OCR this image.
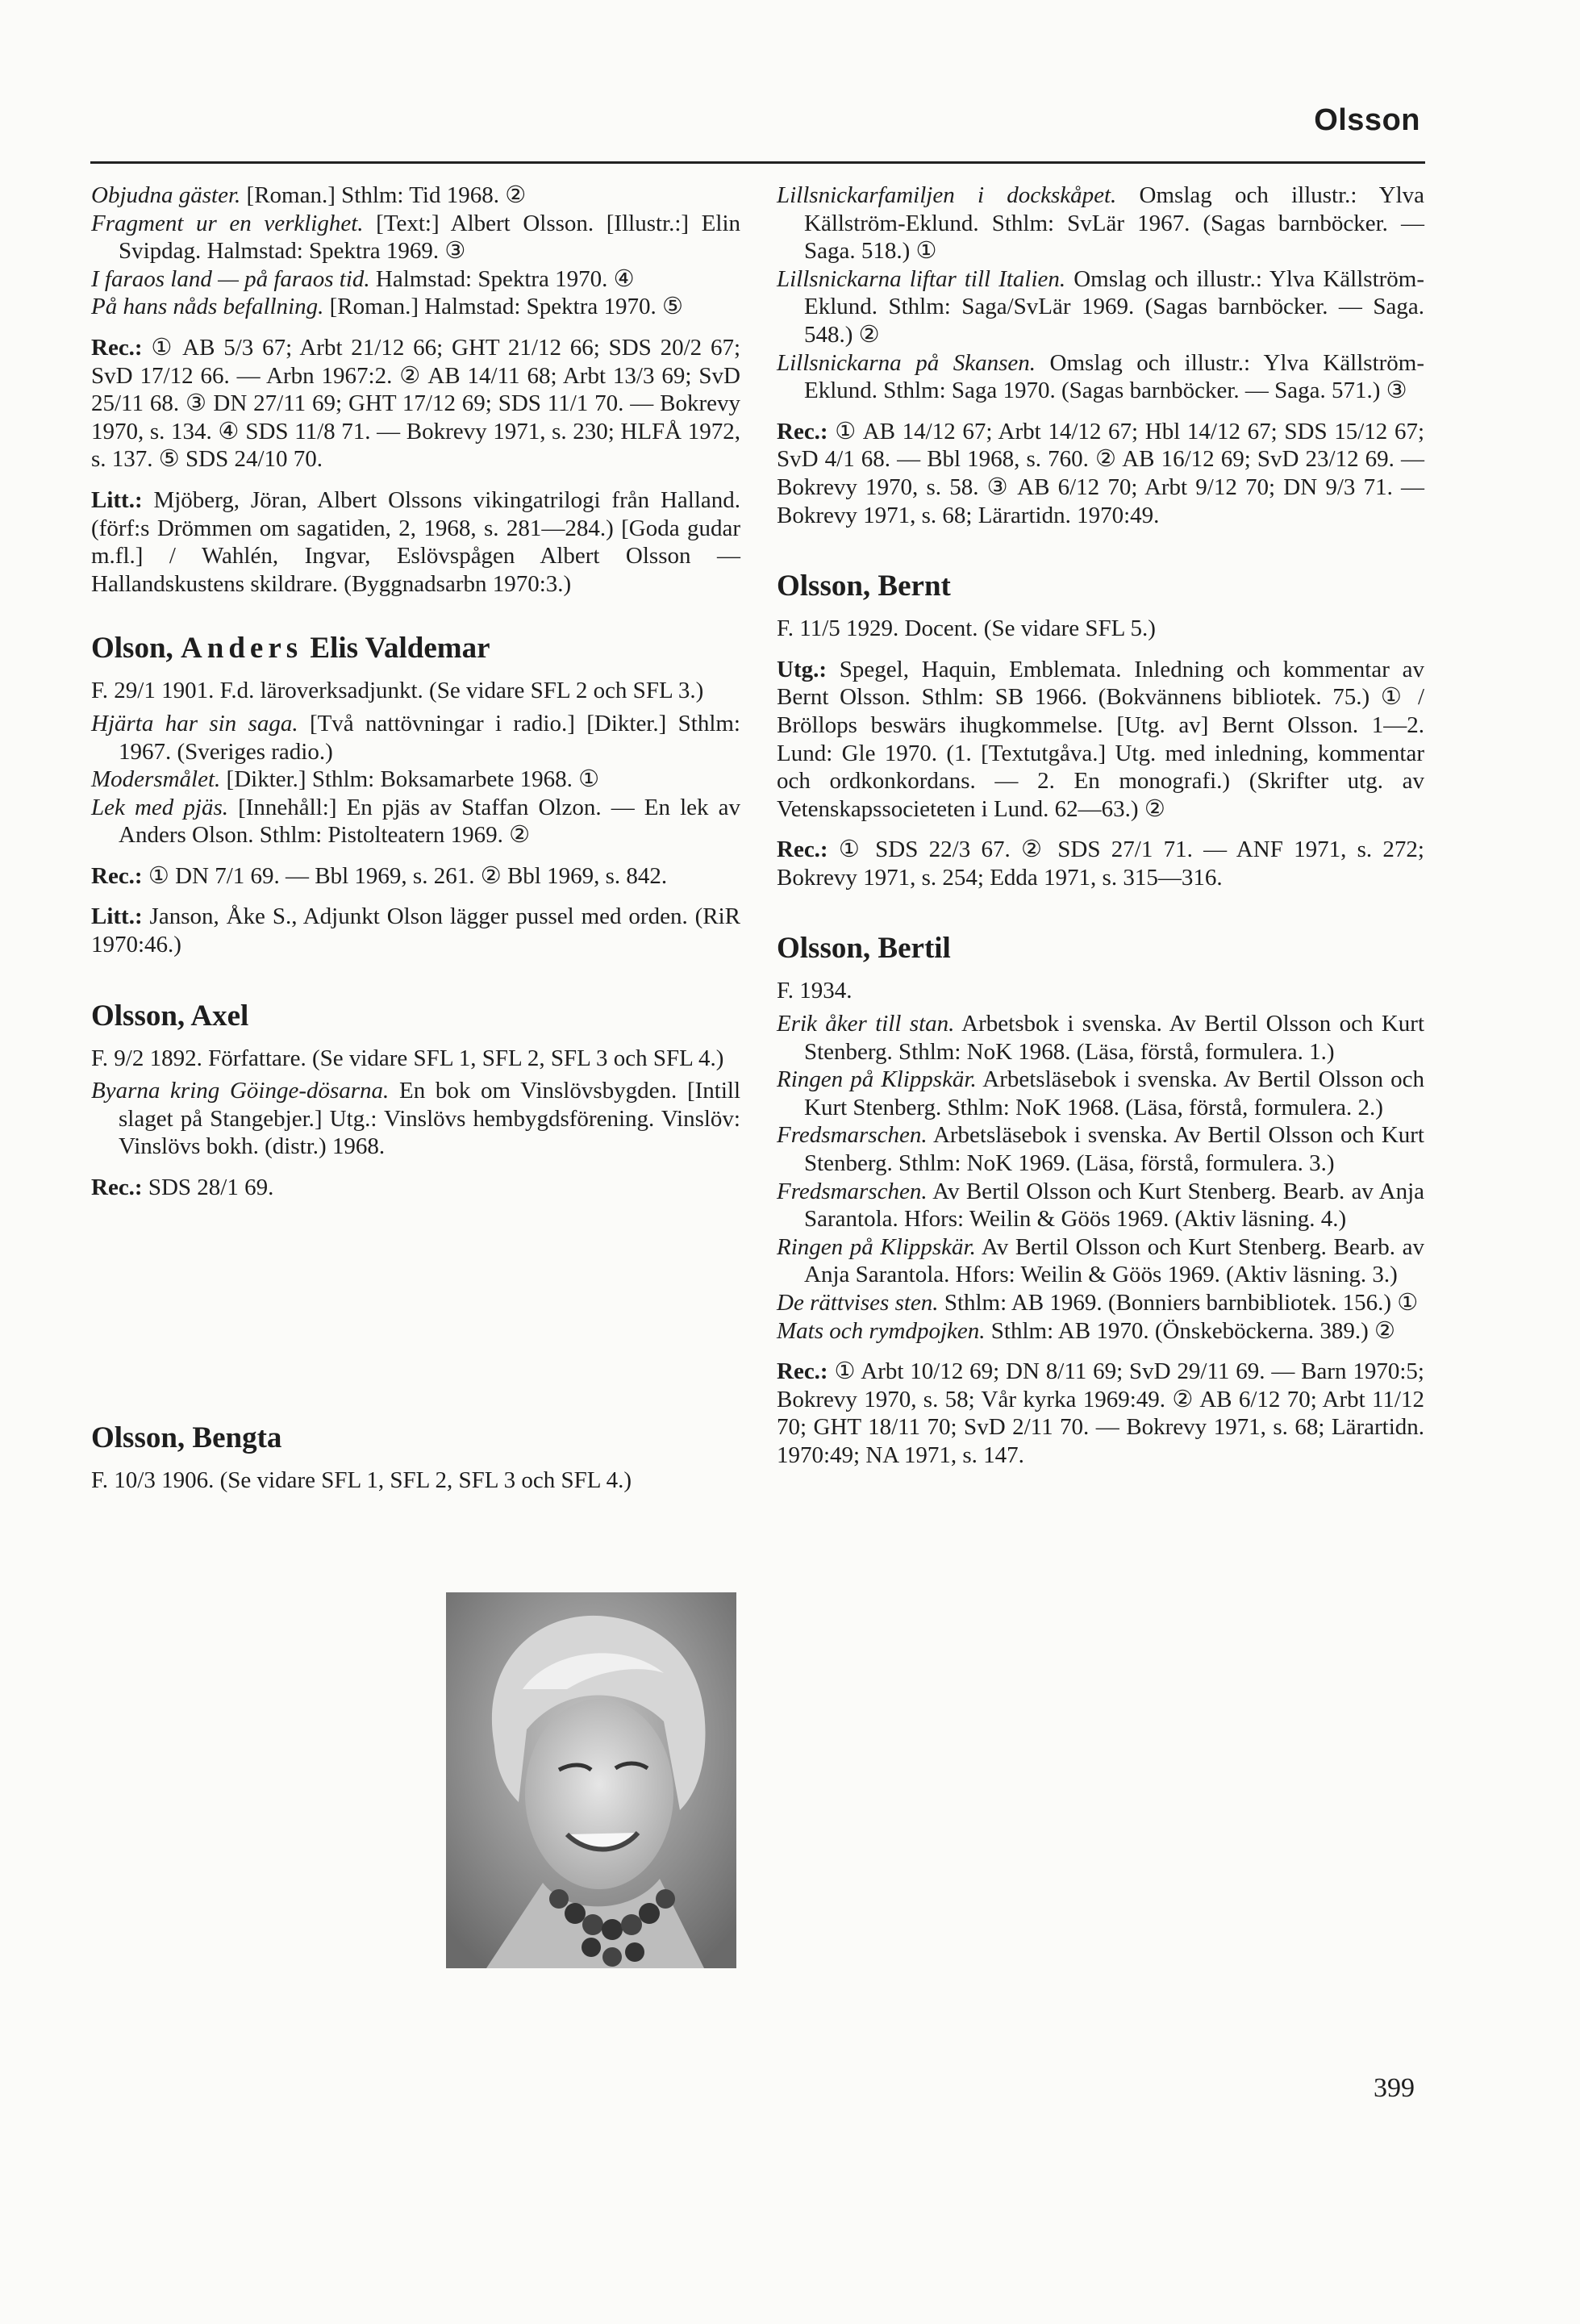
Olsson

Objudna gäster. [Roman.] Sthlm: Tid 1968. ②

Fragment ur en verklighet. [Text:] Albert Olsson. [Illustr.:] Elin Svipdag. Halmstad: Spektra 1969. ③

I faraos land — på faraos tid. Halmstad: Spektra 1970. ④

På hans nåds befallning. [Roman.] Halmstad: Spektra 1970. ⑤

Rec.: ① AB 5/3 67; Arbt 21/12 66; GHT 21/12 66; SDS 20/2 67; SvD 17/12 66. — Arbn 1967:2. ② AB 14/11 68; Arbt 13/3 69; SvD 25/11 68. ③ DN 27/11 69; GHT 17/12 69; SDS 11/1 70. — Bokrevy 1970, s. 134. ④ SDS 11/8 71. — Bokrevy 1971, s. 230; HLFÅ 1972, s. 137. ⑤ SDS 24/10 70.

Litt.: Mjöberg, Jöran, Albert Olssons vikingatrilogi från Halland. (förf:s Drömmen om sagatiden, 2, 1968, s. 281—284.) [Goda gudar m.fl.] / Wahlén, Ingvar, Eslövspågen Albert Olsson — Hallandskustens skildrare. (Byggnadsarbn 1970:3.)

Olson, Anders Elis Valdemar

F. 29/1 1901. F.d. läroverksadjunkt. (Se vidare SFL 2 och SFL 3.)

Hjärta har sin saga. [Två nattövningar i radio.] [Dikter.] Sthlm: 1967. (Sveriges radio.)

Modersmålet. [Dikter.] Sthlm: Boksamarbete 1968. ①

Lek med pjäs. [Innehåll:] En pjäs av Staffan Olzon. — En lek av Anders Olson. Sthlm: Pistolteatern 1969. ②

Rec.: ① DN 7/1 69. — Bbl 1969, s. 261. ② Bbl 1969, s. 842.

Litt.: Janson, Åke S., Adjunkt Olson lägger pussel med orden. (RiR 1970:46.)

Olsson, Axel

F. 9/2 1892. Författare. (Se vidare SFL 1, SFL 2, SFL 3 och SFL 4.)

Byarna kring Göinge-dösarna. En bok om Vinslövsbygden. [Intill slaget på Stangebjer.] Utg.: Vinslövs hembygdsförening. Vinslöv: Vinslövs bokh. (distr.) 1968.

Rec.: SDS 28/1 69.

Olsson, Bengta

F. 10/3 1906. (Se vidare SFL 1, SFL 2, SFL 3 och SFL 4.)

Lillsnickarfamiljen i dockskåpet. Omslag och illustr.: Ylva Källström-Eklund. Sthlm: SvLär 1967. (Sagas barnböcker. — Saga. 518.) ①

Lillsnickarna liftar till Italien. Omslag och illustr.: Ylva Källström-Eklund. Sthlm: Saga/SvLär 1969. (Sagas barnböcker. — Saga. 548.) ②

Lillsnickarna på Skansen. Omslag och illustr.: Ylva Källström-Eklund. Sthlm: Saga 1970. (Sagas barnböcker. — Saga. 571.) ③

Rec.: ① AB 14/12 67; Arbt 14/12 67; Hbl 14/12 67; SDS 15/12 67; SvD 4/1 68. — Bbl 1968, s. 760. ② AB 16/12 69; SvD 23/12 69. — Bokrevy 1970, s. 58. ③ AB 6/12 70; Arbt 9/12 70; DN 9/3 71. — Bokrevy 1971, s. 68; Lärartidn. 1970:49.

Olsson, Bernt

F. 11/5 1929. Docent. (Se vidare SFL 5.)

Utg.: Spegel, Haquin, Emblemata. Inledning och kommentar av Bernt Olsson. Sthlm: SB 1966. (Bokvännens bibliotek. 75.) ① / Bröllops beswärs ihugkommelse. [Utg. av] Bernt Olsson. 1—2. Lund: Gle 1970. (1. [Textutgåva.] Utg. med inledning, kommentar och ordkonkordans. — 2. En monografi.) (Skrifter utg. av Vetenskapssocieteten i Lund. 62—63.) ②

Rec.: ① SDS 22/3 67. ② SDS 27/1 71. — ANF 1971, s. 272; Bokrevy 1971, s. 254; Edda 1971, s. 315—316.

Olsson, Bertil

F. 1934.

Erik åker till stan. Arbetsbok i svenska. Av Bertil Olsson och Kurt Stenberg. Sthlm: NoK 1968. (Läsa, förstå, formulera. 1.)

Ringen på Klippskär. Arbetsläsebok i svenska. Av Bertil Olsson och Kurt Stenberg. Sthlm: NoK 1968. (Läsa, förstå, formulera. 2.)

Fredsmarschen. Arbetsläsebok i svenska. Av Bertil Olsson och Kurt Stenberg. Sthlm: NoK 1969. (Läsa, förstå, formulera. 3.)

Fredsmarschen. Av Bertil Olsson och Kurt Stenberg. Bearb. av Anja Sarantola. Hfors: Weilin & Göös 1969. (Aktiv läsning. 4.)

Ringen på Klippskär. Av Bertil Olsson och Kurt Stenberg. Bearb. av Anja Sarantola. Hfors: Weilin & Göös 1969. (Aktiv läsning. 3.)

De rättvises sten. Sthlm: AB 1969. (Bonniers barnbibliotek. 156.) ①

Mats och rymdpojken. Sthlm: AB 1970. (Önskeböckerna. 389.) ②

Rec.: ① Arbt 10/12 69; DN 8/11 69; SvD 29/11 69. — Barn 1970:5; Bokrevy 1970, s. 58; Vår kyrka 1969:49. ② AB 6/12 70; Arbt 11/12 70; GHT 18/11 70; SvD 2/11 70. — Bokrevy 1971, s. 68; Lärartidn. 1970:49; NA 1971, s. 147.

399
